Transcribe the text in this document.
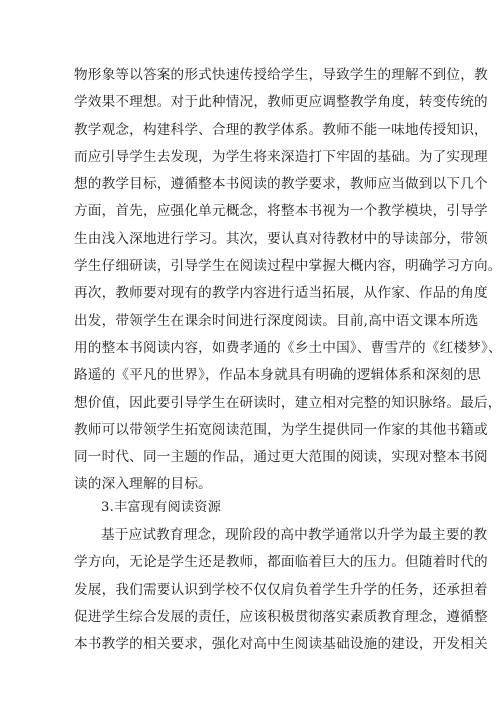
物形象等以答案的形式快速传授给学生，导致学生的理解不到位，教
学效果不理想。对于此种情况，教师更应调整教学角度，转变传统的
教学观念，构建科学、合理的教学体系。教师不能一味地传授知识，
而应引导学生去发现，为学生将来深造打下牢固的基础。为了实现理
想的教学目标，遵循整本书阅读的教学要求，教师应当做到以下几个
方面，首先，应强化单元概念，将整本书视为一个教学模块，引导学
生由浅入深地进行学习。其次，要认真对待教材中的导读部分，带领
学生仔细研读，引导学生在阅读过程中掌握大概内容，明确学习方向。
再次，教师要对现有的教学内容进行适当拓展，从作家、作品的角度
出发，带领学生在课余时间进行深度阅读。目前,高中语文课本所选
用的整本书阅读内容，如费孝通的《乡土中国》、曹雪芹的《红楼梦》、
路遥的《平凡的世界》，作品本身就具有明确的逻辑体系和深刻的思
想价值，因此要引导学生在研读时，建立相对完整的知识脉络。最后，
教师可以带领学生拓宽阅读范围，为学生提供同一作家的其他书籍或
同一时代、同一主题的作品，通过更大范围的阅读，实现对整本书阅
读的深入理解的目标。
3.丰富现有阅读资源
基于应试教育理念，现阶段的高中教学通常以升学为最主要的教
学方向，无论是学生还是教师，都面临着巨大的压力。但随着时代的
发展，我们需要认识到学校不仅仅肩负着学生升学的任务，还承担着
促进学生综合发展的责任，应该积极贯彻落实素质教育理念，遵循整
本书教学的相关要求，强化对高中生阅读基础设施的建设，开发相关
